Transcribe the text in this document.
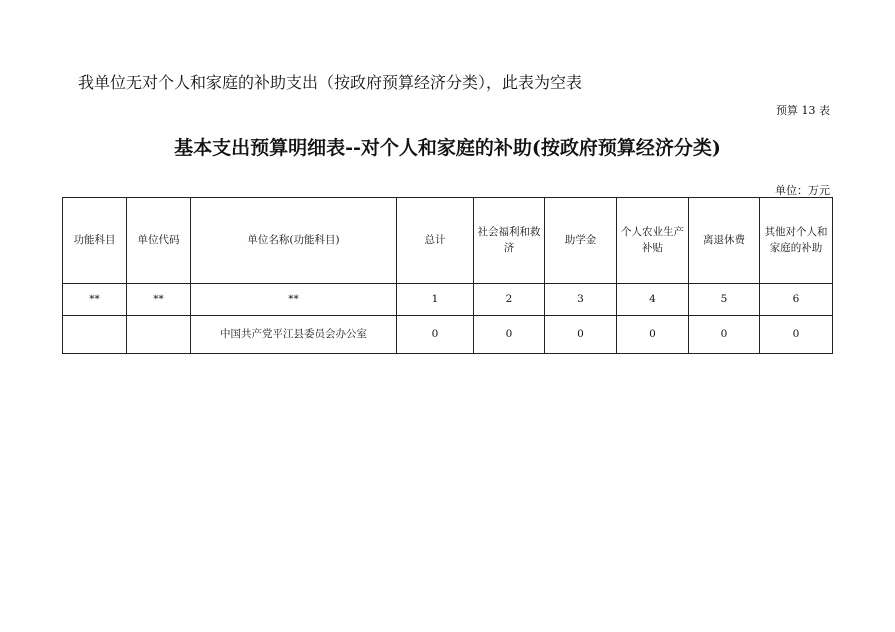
我单位无对个人和家庭的补助支出（按政府预算经济分类），此表为空表
预算 13 表
基本支出预算明细表--对个人和家庭的补助(按政府预算经济分类)
单位：万元
功能科目	单位代码	单位名称(功能科目)	总计	社会福利和救济	助学金	个人农业生产补贴	离退休费	其他对个人和家庭的补助
**	**	**	1	2	3	4	5	6
		中国共产党平江县委员会办公室	0	0	0	0	0	0
